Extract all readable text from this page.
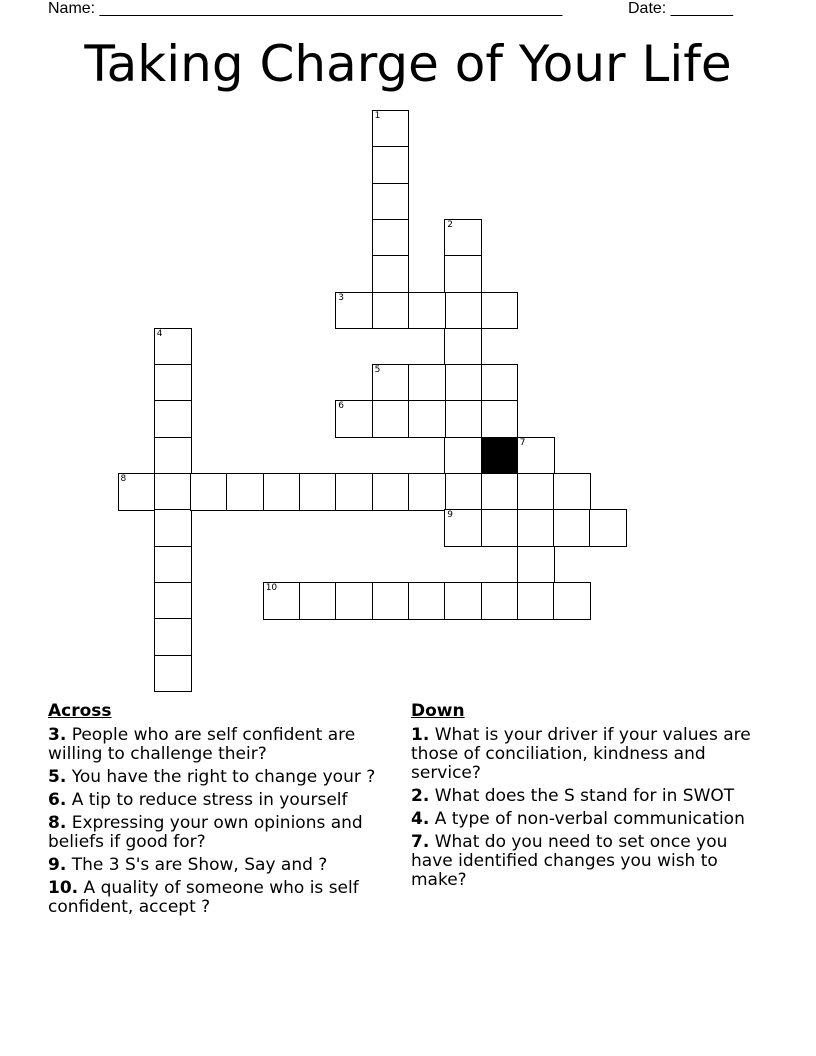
Name: ____________________________________________________	Date: _______
Taking Charge of Your Life
1
2
3
4
5
6
7
8
9
10
Across
3. People who are self confident are willing to challenge their?
5. You have the right to change your ?
6. A tip to reduce stress in yourself
8. Expressing your own opinions and beliefs if good for?
9. The 3 S's are Show, Say and ?
10. A quality of someone who is self confident, accept ?
Down
1. What is your driver if your values are those of conciliation, kindness and service?
2. What does the S stand for in SWOT
4. A type of non-verbal communication
7. What do you need to set once you have identified changes you wish to make?
